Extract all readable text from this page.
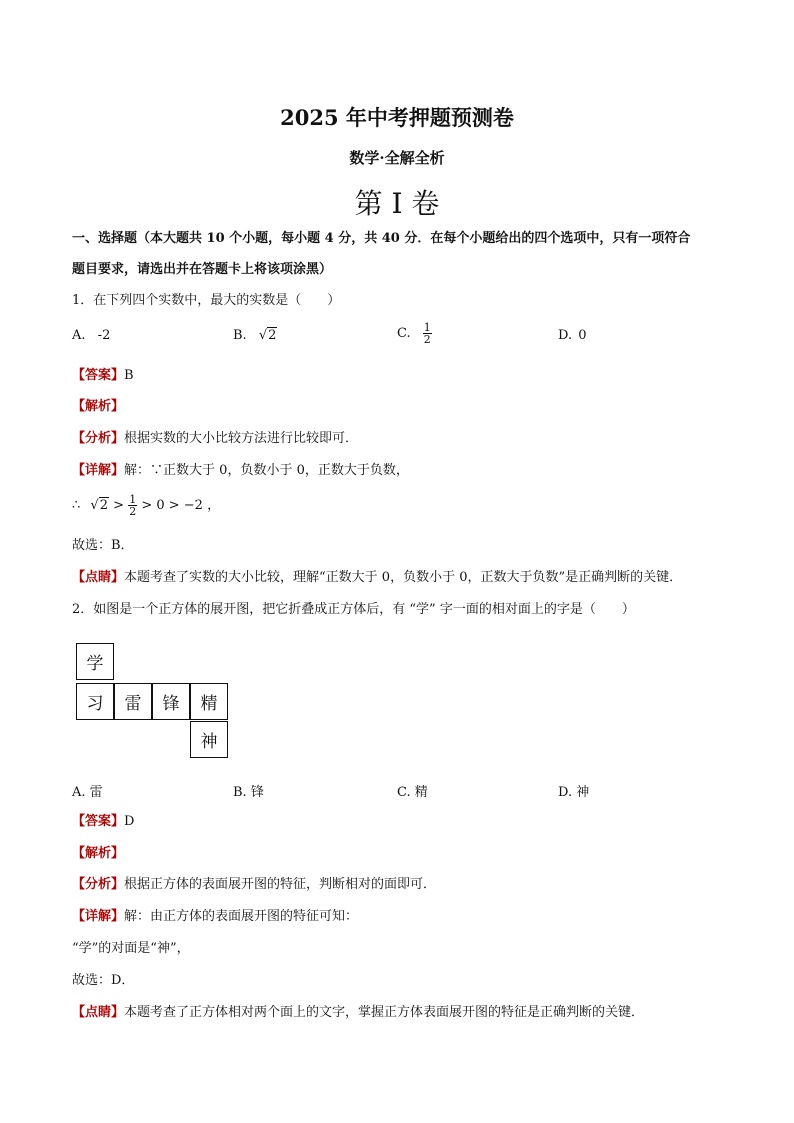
2025 年中考押题预测卷
数学·全解全析
第 I 卷
一、选择题（本大题共 10 个小题，每小题 4 分，共 40 分．在每个小题给出的四个选项中，只有一项符合
题目要求，请选出并在答题卡上将该项涂黑）
1．在下列四个实数中，最大的实数是（　　）
A. -2	B. √2	C. $\frac{1}{2}$	D. 0
【答案】B
【解析】
【分析】根据实数的大小比较方法进行比较即可．
【详解】解：∵正数大于 0，负数小于 0，正数大于负数，
∴ $√2 > \frac{1}{2} > 0 > -2$ ，
故选：B．
【点睛】本题考查了实数的大小比较，理解“正数大于 0，负数小于 0，正数大于负数”是正确判断的关键．
2．如图是一个正方体的展开图，把它折叠成正方体后，有 “学” 字一面的相对面上的字是（　　）
学
习	雷	锋	精
神
A. 雷	B. 锋	C. 精	D. 神
【答案】D
【解析】
【分析】根据正方体的表面展开图的特征，判断相对的面即可．
【详解】解：由正方体的表面展开图的特征可知：
“学”的对面是“神”，
故选：D．
【点睛】本题考查了正方体相对两个面上的文字，掌握正方体表面展开图的特征是正确判断的关键．
